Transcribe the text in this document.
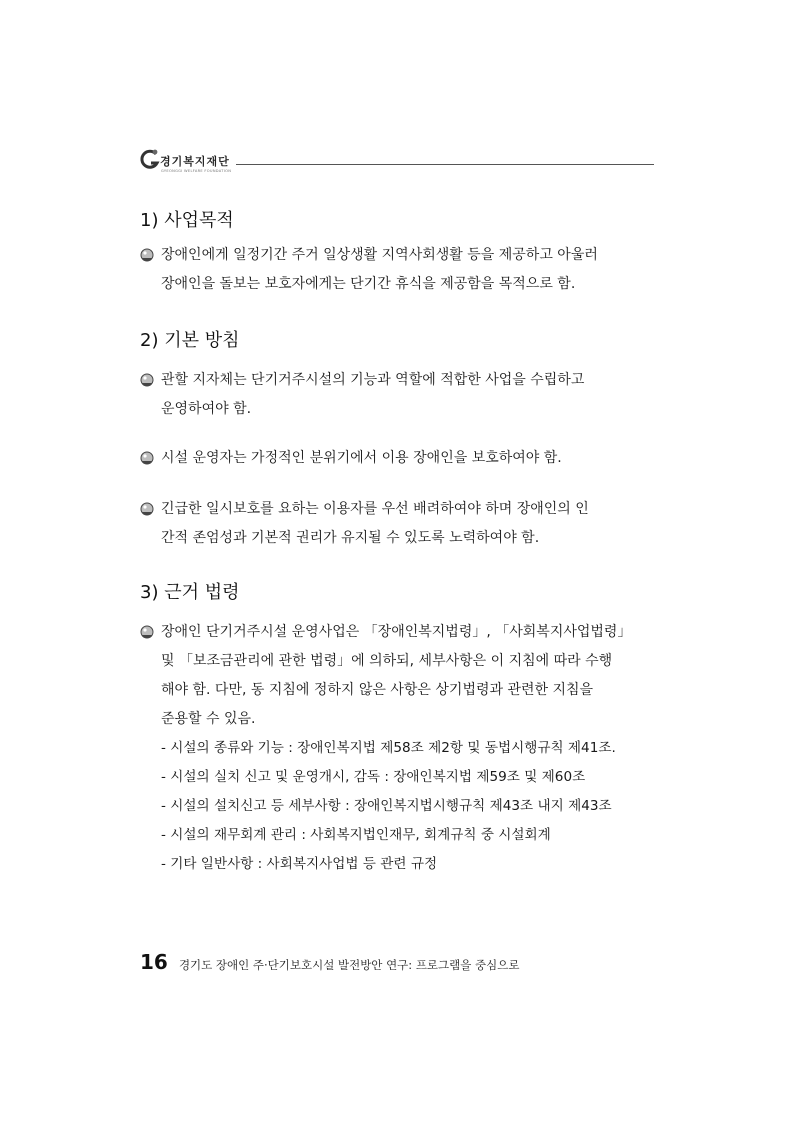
경기복지재단
GYEONGGI WELFARE FOUNDATION
1) 사업목적
장애인에게 일정기간 주거 일상생활 지역사회생활 등을 제공하고 아울러
장애인을 돌보는 보호자에게는 단기간 휴식을 제공함을 목적으로 함.
2) 기본 방침
관할 지자체는 단기거주시설의 기능과 역할에 적합한 사업을 수립하고
운영하여야 함.
시설 운영자는 가정적인 분위기에서 이용 장애인을 보호하여야 함.
긴급한 일시보호를 요하는 이용자를 우선 배려하여야 하며 장애인의 인
간적 존엄성과 기본적 권리가 유지될 수 있도록 노력하여야 함.
3) 근거 법령
장애인 단기거주시설 운영사업은 「장애인복지법령」, 「사회복지사업법령」
및 「보조금관리에 관한 법령」에 의하되, 세부사항은 이 지침에 따라 수행
해야 함. 다만, 동 지침에 정하지 않은 사항은 상기법령과 관련한 지침을
준용할 수 있음.
- 시설의 종류와 기능 : 장애인복지법 제58조 제2항 및 동법시행규칙 제41조.
- 시설의 실치 신고 및 운영개시, 감독 : 장애인복지법 제59조 및 제60조
- 시설의 설치신고 등 세부사항 : 장애인복지법시행규칙 제43조 내지 제43조
- 시설의 재무회계 관리 : 사회복지법인재무, 회계규칙 중 시설회계
- 기타 일반사항 : 사회복지사업법 등 관련 규정
16 경기도 장애인 주·단기보호시설 발전방안 연구: 프로그램을 중심으로
